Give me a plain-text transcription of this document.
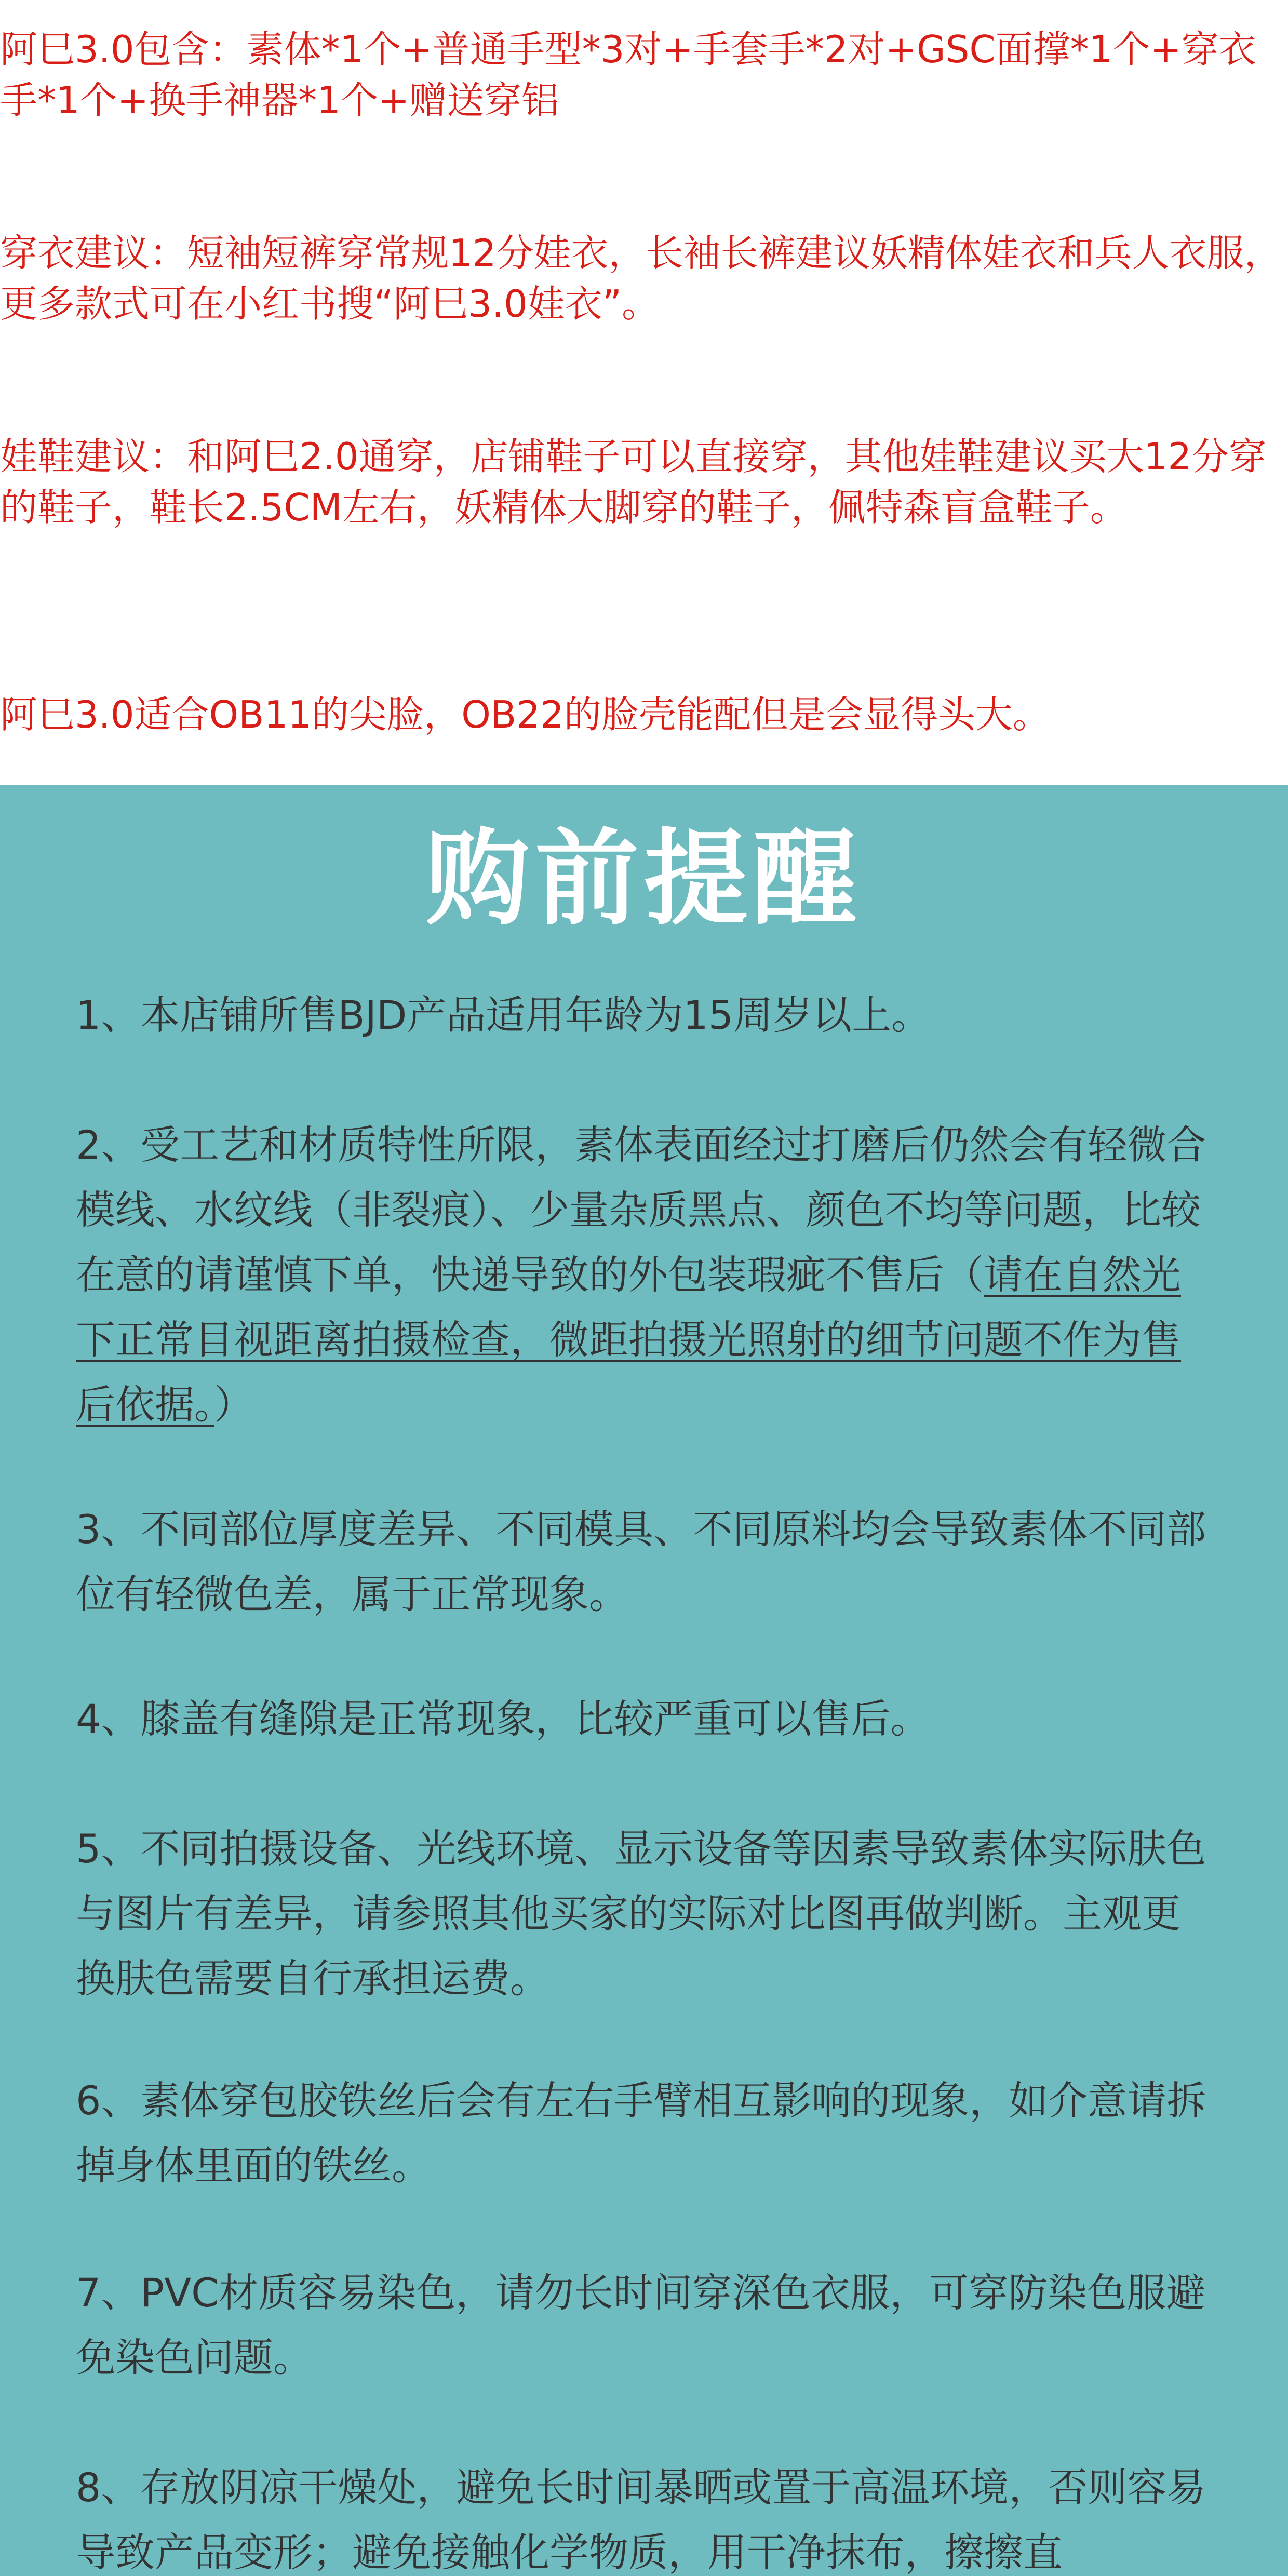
阿巳3.0包含：素体*1个+普通手型*3对+手套手*2对+GSC面撑*1个+穿衣手*1个+换手神器*1个+赠送穿铝

穿衣建议：短袖短裤穿常规12分娃衣，长袖长裤建议妖精体娃衣和兵人衣服，更多款式可在小红书搜“阿巳3.0娃衣”。

娃鞋建议：和阿巳2.0通穿，店铺鞋子可以直接穿，其他娃鞋建议买大12分穿的鞋子，鞋长2.5CM左右，妖精体大脚穿的鞋子，佩特森盲盒鞋子。

阿巳3.0适合OB11的尖脸，OB22的脸壳能配但是会显得头大。

购前提醒

1、本店铺所售BJD产品适用年龄为15周岁以上。

2、受工艺和材质特性所限，素体表面经过打磨后仍然会有轻微合模线、水纹线（非裂痕）、少量杂质黑点、颜色不均等问题，比较在意的请谨慎下单，快递导致的外包装瑕疵不售后（请在自然光下正常目视距离拍摄检查，微距拍摄光照射的细节问题不作为售后依据。）

3、不同部位厚度差异、不同模具、不同原料均会导致素体不同部位有轻微色差，属于正常现象。

4、膝盖有缝隙是正常现象，比较严重可以售后。

5、不同拍摄设备、光线环境、显示设备等因素导致素体实际肤色与图片有差异，请参照其他买家的实际对比图再做判断。主观更换肤色需要自行承担运费。

6、素体穿包胶铁丝后会有左右手臂相互影响的现象，如介意请拆掉身体里面的铁丝。

7、PVC材质容易染色，请勿长时间穿深色衣服，可穿防染色服避免染色问题。

8、存放阴凉干燥处，避免长时间暴晒或置于高温环境，否则容易导致产品变形；避免接触化学物质，用干净抹布，擦擦直
